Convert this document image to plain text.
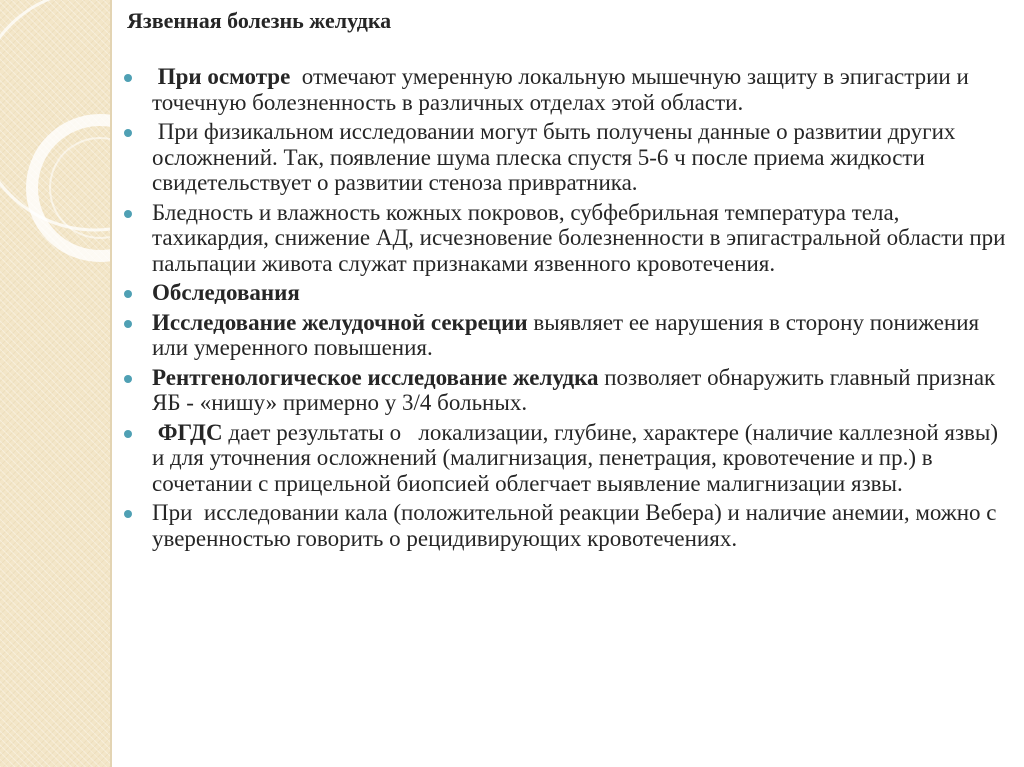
Язвенная болезнь желудка
При осмотре  отмечают умеренную локальную мышечную защиту в эпигастрии и точечную болезненность в различных отделах этой области.
При физикальном исследовании могут быть получены данные о развитии других осложнений. Так, появление шума плеска спустя 5-6 ч после приема жидкости свидетельствует о развитии стеноза привратника.
Бледность и влажность кожных покровов, субфебрильная температура тела, тахикардия, снижение АД, исчезновение болезненности в эпигастральной области при пальпации живота служат признаками язвенного кровотечения.
Обследования
Исследование желудочной секреции выявляет ее нарушения в сторону понижения или умеренного повышения.
Рентгенологическое исследование желудка позволяет обнаружить главный признак ЯБ - «нишу» примерно у 3/4 больных.
ФГДС дает результаты о   локализации, глубине, характере (наличие каллезной язвы) и для уточнения осложнений (малигнизация, пенетрация, кровотечение и пр.) в сочетании с прицельной биопсией облегчает выявление малигнизации язвы.
При  исследовании кала (положительной реакции Вебера) и наличие анемии, можно с уверенностью говорить о рецидивирующих кровотечениях.
